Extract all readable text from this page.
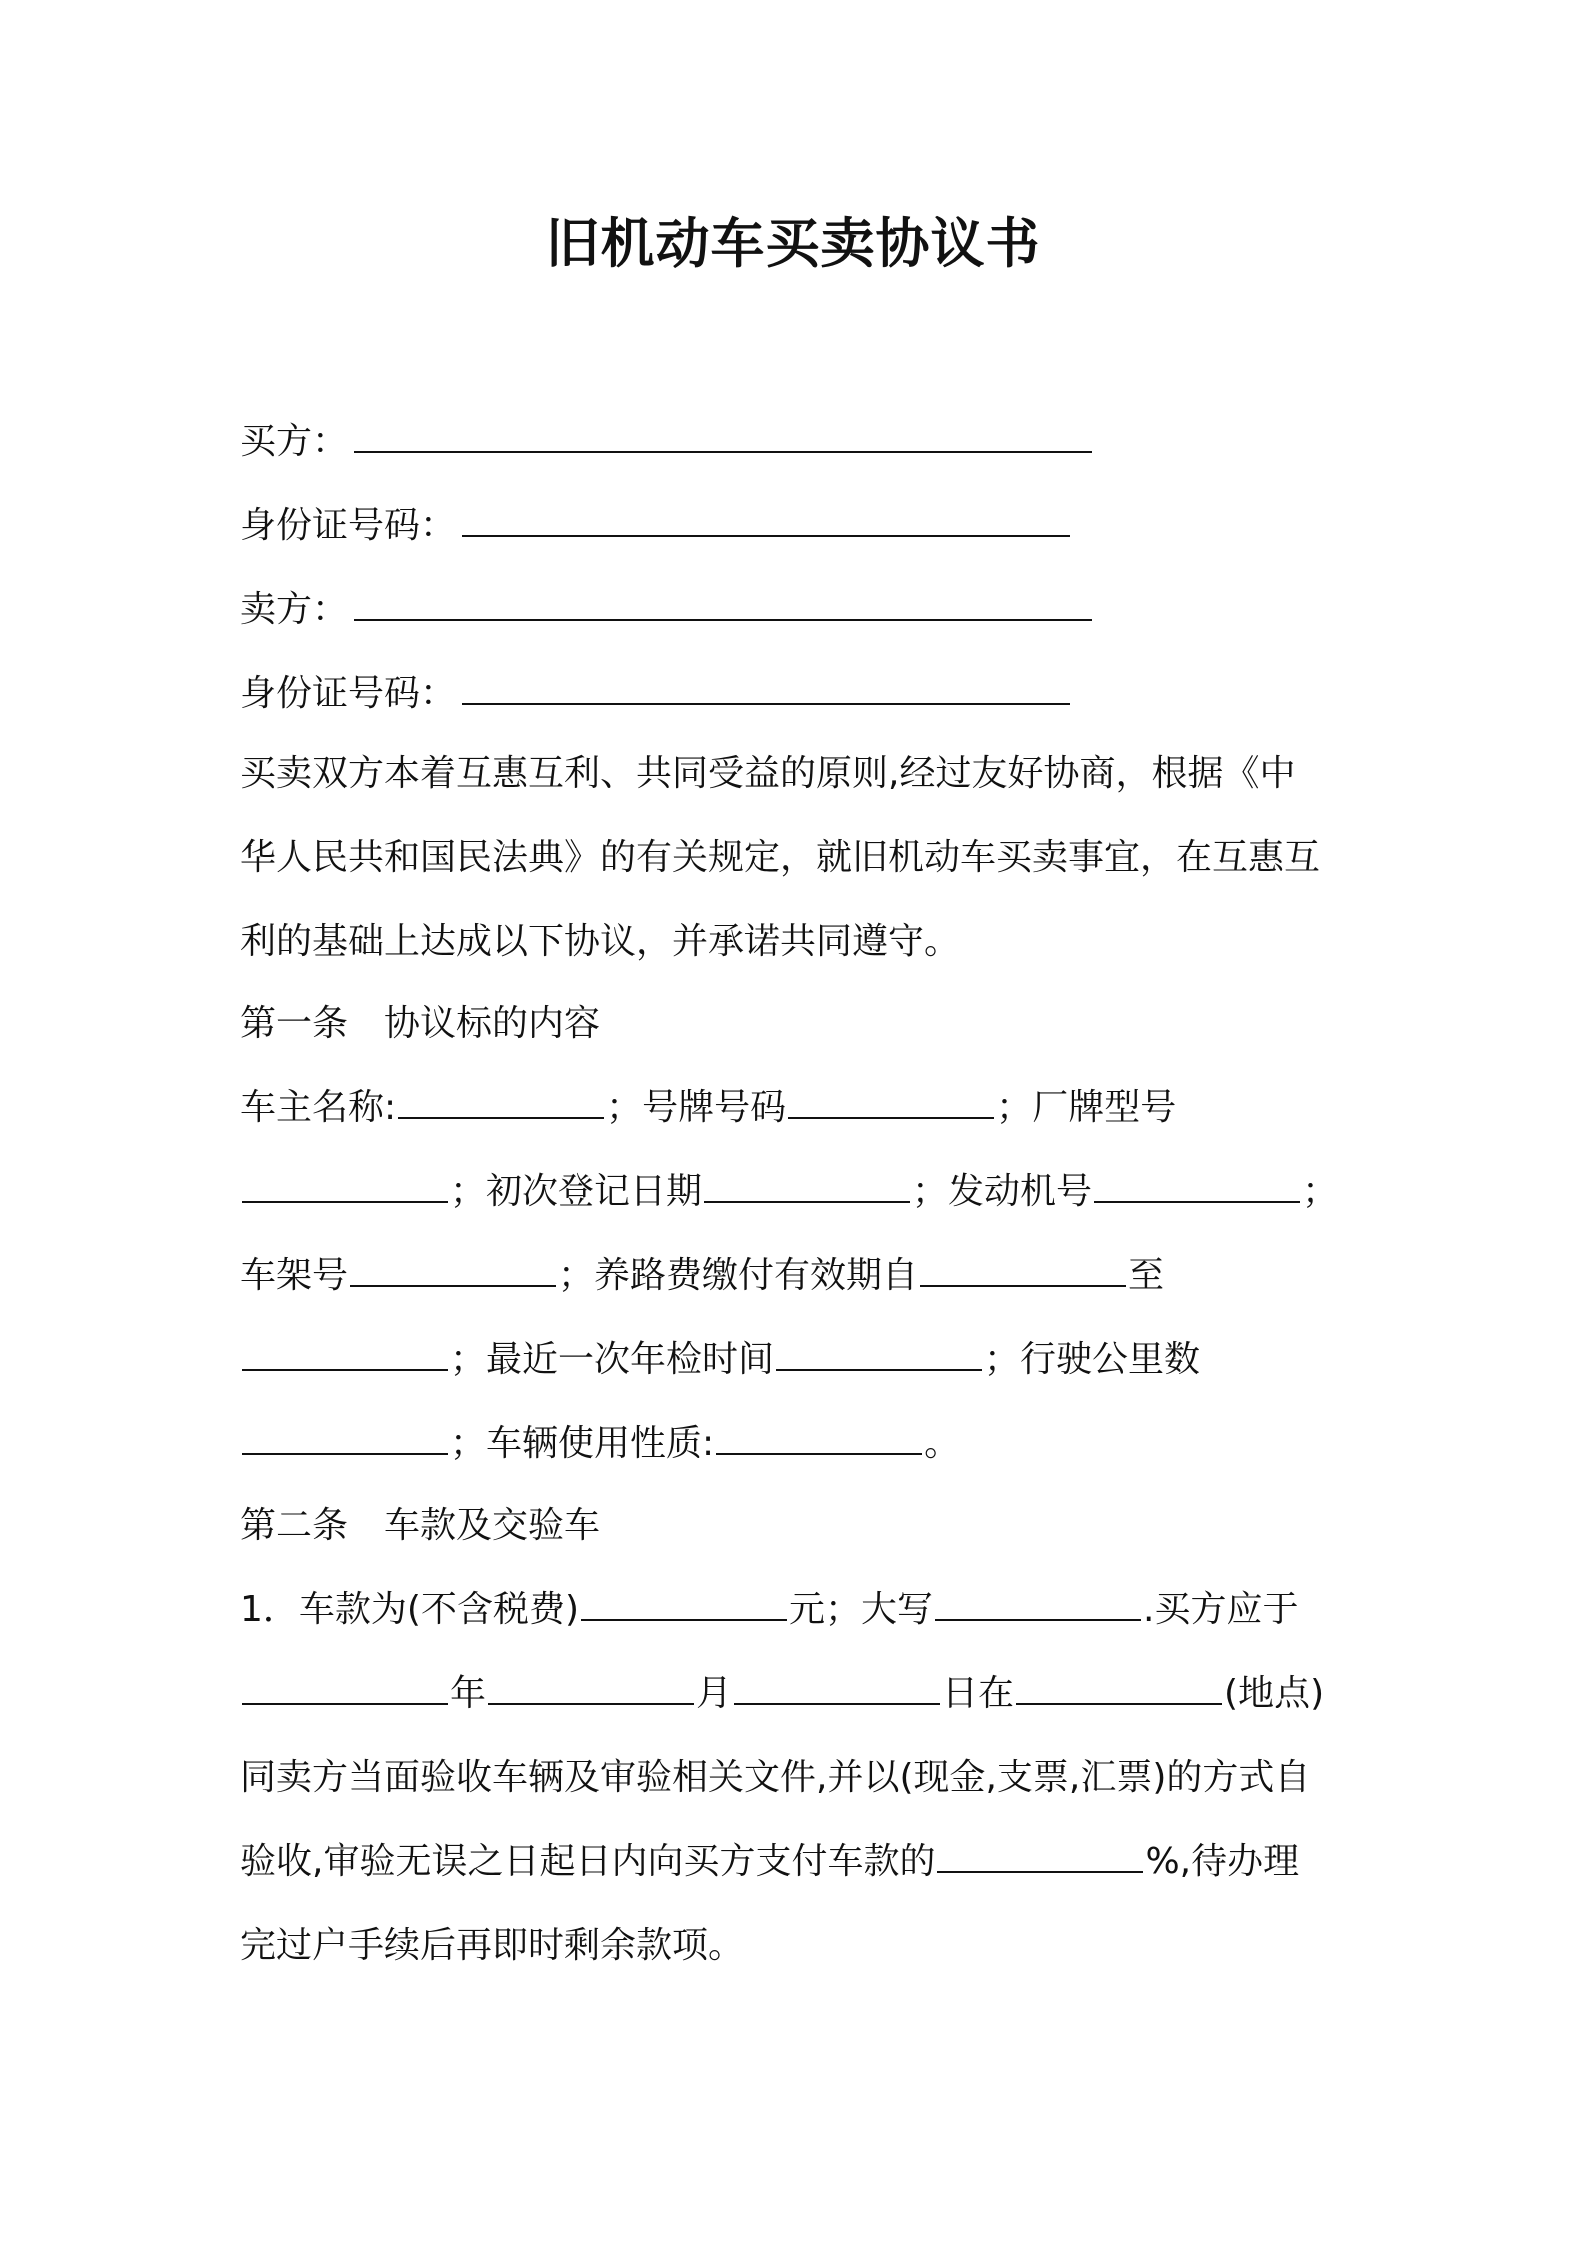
旧机动车买卖协议书
买方：
身份证号码：
卖方：
身份证号码：
买卖双方本着互惠互利、共同受益的原则,经过友好协商，根据《中
华人民共和国民法典》的有关规定，就旧机动车买卖事宜，在互惠互
利的基础上达成以下协议，并承诺共同遵守。
第一条　协议标的内容
车主名称:	；号牌号码	；厂牌型号
；初次登记日期	；发动机号	；
车架号	；养路费缴付有效期自	至
；最近一次年检时间	；行驶公里数
；车辆使用性质:	。
第二条　车款及交验车
1．车款为(不含税费)	元；大写	.买方应于
年	月	日在	(地点)
同卖方当面验收车辆及审验相关文件,并以(现金,支票,汇票)的方式自
验收,审验无误之日起日内向买方支付车款的	%,待办理
完过户手续后再即时剩余款项。
